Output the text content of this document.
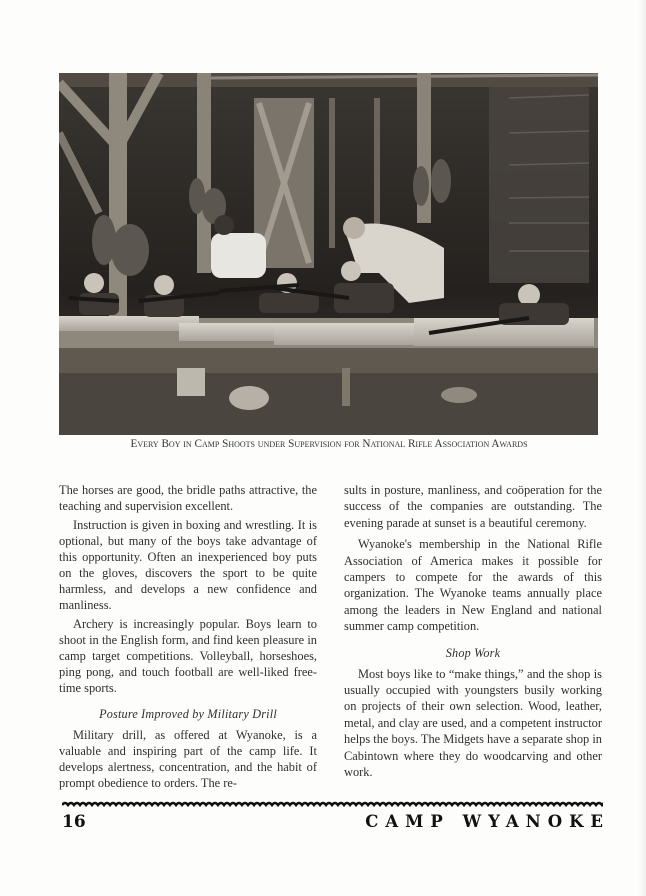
Every Boy in Camp Shoots under Supervision for National Rifle Association Awards

The horses are good, the bridle paths attractive, the teaching and supervision excellent.

Instruction is given in boxing and wrestling. It is optional, but many of the boys take advantage of this opportunity. Often an inexperienced boy puts on the gloves, discovers the sport to be quite harmless, and develops a new confidence and manliness.

Archery is increasingly popular. Boys learn to shoot in the English form, and find keen pleasure in camp target competitions. Volleyball, horseshoes, ping pong, and touch football are well-liked free-time sports.

Posture Improved by Military Drill

Military drill, as offered at Wyanoke, is a valuable and inspiring part of the camp life. It develops alertness, concentration, and the habit of prompt obedience to orders. The re-

sults in posture, manliness, and coöperation for the success of the companies are outstanding. The evening parade at sunset is a beautiful ceremony.

Wyanoke's membership in the National Rifle Association of America makes it possible for campers to compete for the awards of this organization. The Wyanoke teams annually place among the leaders in New England and national summer camp competition.

Shop Work

Most boys like to “make things,” and the shop is usually occupied with youngsters busily working on projects of their own selection. Wood, leather, metal, and clay are used, and a competent instructor helps the boys. The Midgets have a separate shop in Cabintown where they do woodcarving and other work.

16	CAMP WYANOKE
